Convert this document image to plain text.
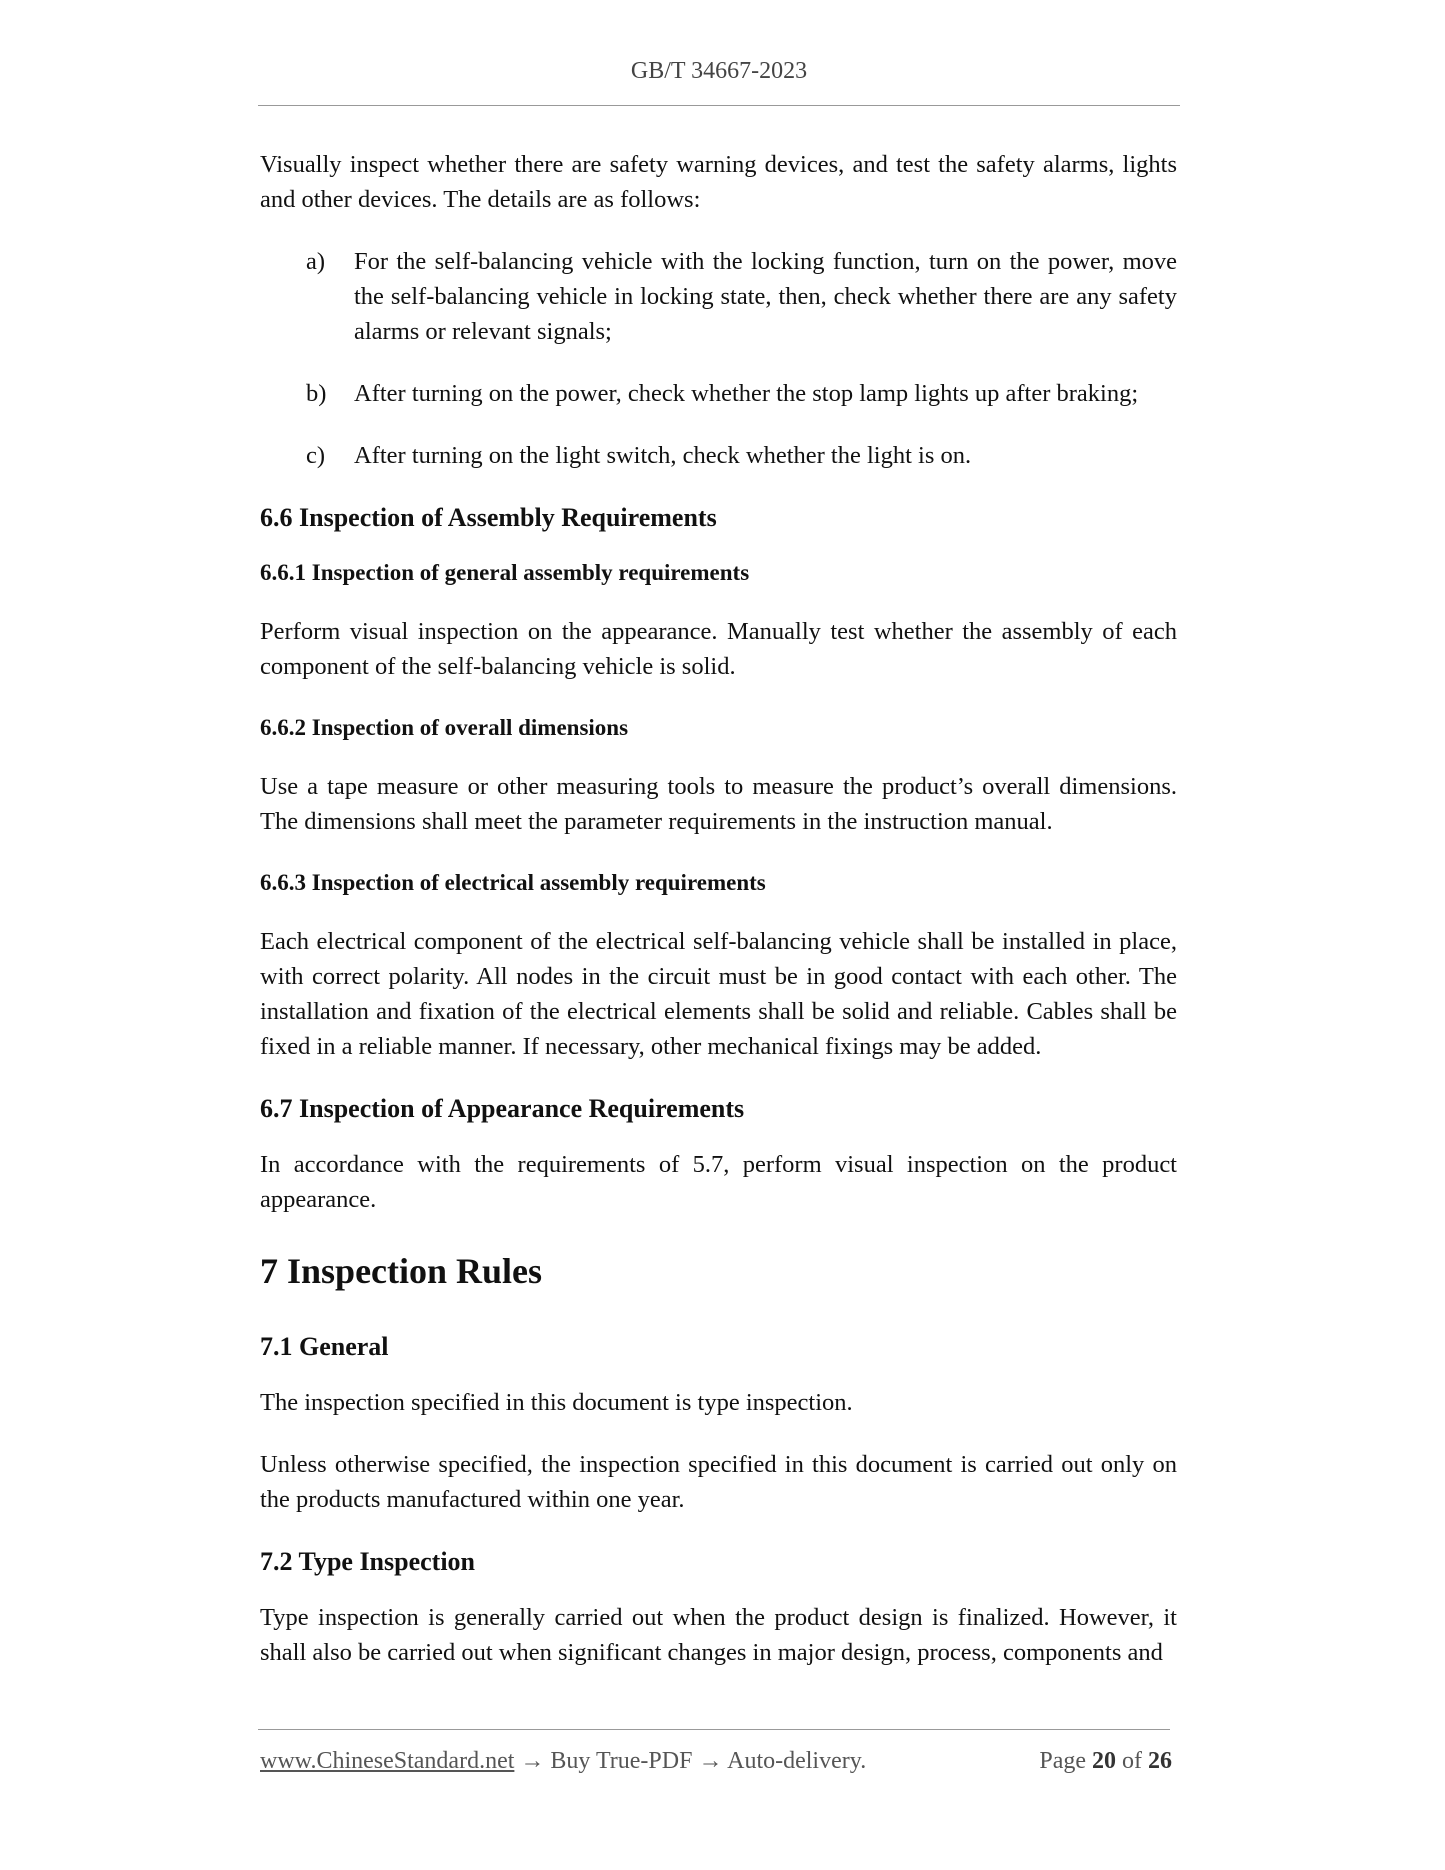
GB/T 34667-2023

Visually inspect whether there are safety warning devices, and test the safety alarms, lights and other devices. The details are as follows:

a)	For the self-balancing vehicle with the locking function, turn on the power, move the self-balancing vehicle in locking state, then, check whether there are any safety alarms or relevant signals;
b)	After turning on the power, check whether the stop lamp lights up after braking;
c)	After turning on the light switch, check whether the light is on.
6.6 Inspection of Assembly Requirements
6.6.1 Inspection of general assembly requirements

Perform visual inspection on the appearance. Manually test whether the assembly of each component of the self-balancing vehicle is solid.

6.6.2 Inspection of overall dimensions

Use a tape measure or other measuring tools to measure the product’s overall dimensions. The dimensions shall meet the parameter requirements in the instruction manual.

6.6.3 Inspection of electrical assembly requirements

Each electrical component of the electrical self-balancing vehicle shall be installed in place, with correct polarity. All nodes in the circuit must be in good contact with each other. The installation and fixation of the electrical elements shall be solid and reliable. Cables shall be fixed in a reliable manner. If necessary, other mechanical fixings may be added.

6.7 Inspection of Appearance Requirements

In accordance with the requirements of 5.7, perform visual inspection on the product appearance.

7 Inspection Rules
7.1 General

The inspection specified in this document is type inspection.

Unless otherwise specified, the inspection specified in this document is carried out only on the products manufactured within one year.

7.2 Type Inspection

Type inspection is generally carried out when the product design is finalized. However, it shall also be carried out when significant changes in major design, process, components and

www.ChineseStandard.net → Buy True-PDF → Auto-delivery.	Page 20 of 26
